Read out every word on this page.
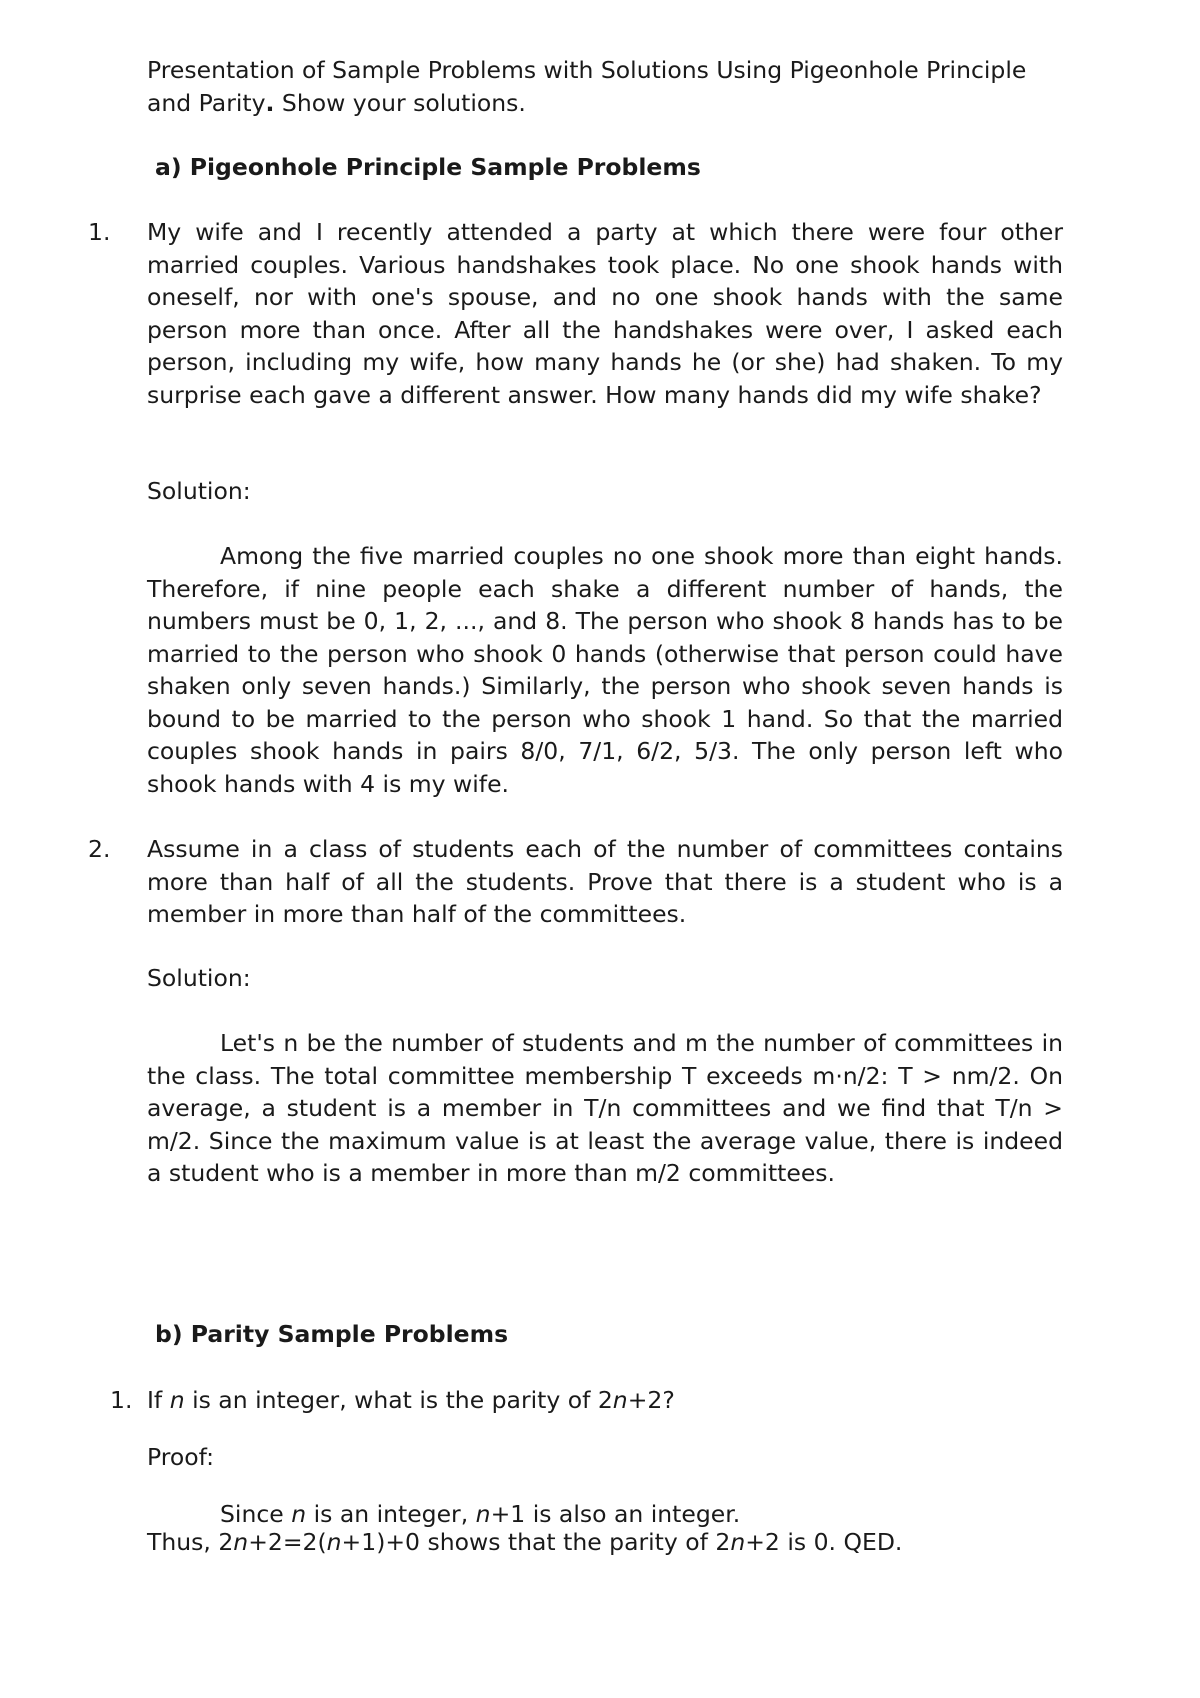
Presentation of Sample Problems with Solutions Using Pigeonhole Principle
and Parity. Show your solutions.
a) Pigeonhole Principle Sample Problems
1. My wife and I recently attended a party at which there were four other married couples. Various handshakes took place. No one shook hands with oneself, nor with one's spouse, and no one shook hands with the same person more than once. After all the handshakes were over, I asked each person, including my wife, how many hands he (or she) had shaken. To my surprise each gave a different answer. How many hands did my wife shake?
Solution:
Among the five married couples no one shook more than eight hands. Therefore, if nine people each shake a different number of hands, the numbers must be 0, 1, 2, ..., and 8. The person who shook 8 hands has to be married to the person who shook 0 hands (otherwise that person could have shaken only seven hands.) Similarly, the person who shook seven hands is bound to be married to the person who shook 1 hand. So that the married couples shook hands in pairs 8/0, 7/1, 6/2, 5/3. The only person left who shook hands with 4 is my wife.
2. Assume in a class of students each of the number of committees contains more than half of all the students. Prove that there is a student who is a member in more than half of the committees.
Solution:
Let's n be the number of students and m the number of committees in the class. The total committee membership T exceeds m·n/2: T > nm/2. On average, a student is a member in T/n committees and we find that T/n > m/2. Since the maximum value is at least the average value, there is indeed a student who is a member in more than m/2 committees.
b) Parity Sample Problems
1. If n is an integer, what is the parity of 2n+2?
Proof:
Since n is an integer, n+1 is also an integer.
Thus, 2n+2=2(n+1)+0 shows that the parity of 2n+2 is 0. QED.
